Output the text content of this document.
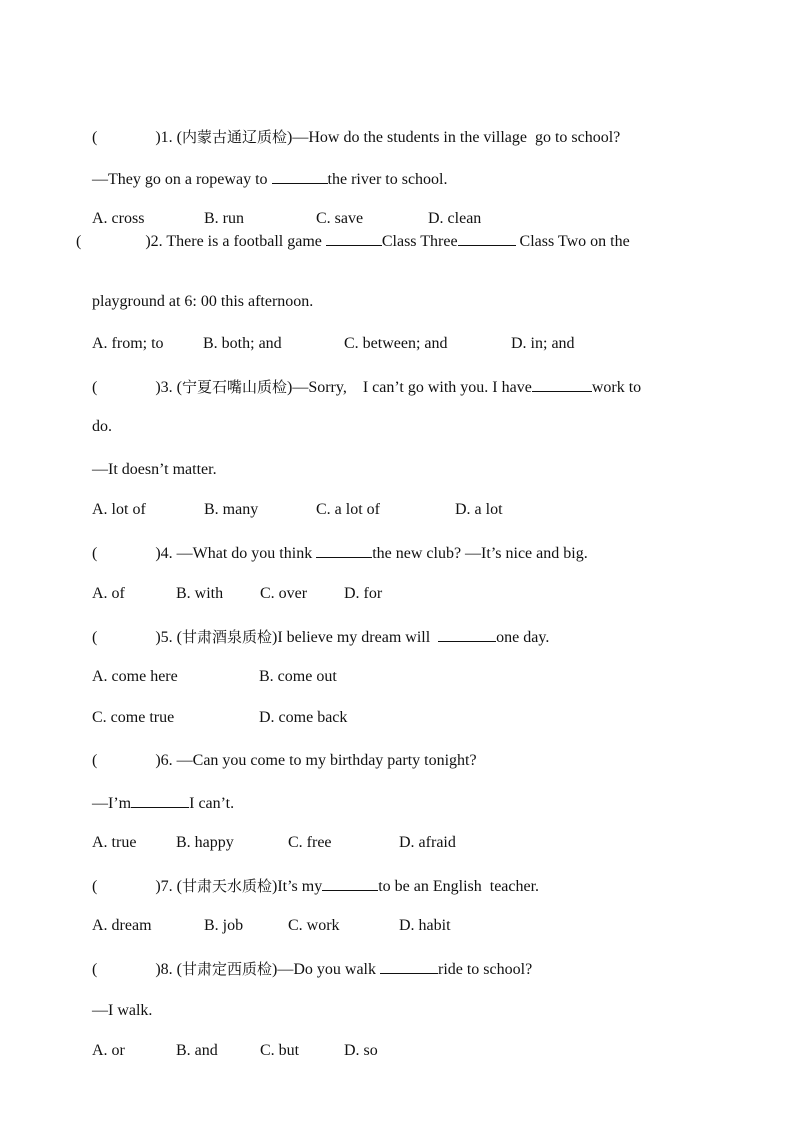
(	)1. (内蒙古通辽质检)—How do the students in the village  go to school?

—They go on a ropeway to	the river to school.

A. cross	B. run	C. save	D. clean

(	)2. There is a football game	Class Three	Class Two on the

playground at 6: 00 this afternoon.

A. from; to B. both; and	C. between; and	D. in; and

(	)3. (宁夏石嘴山质检)—Sorry,    I can’t go with you. I have	work to

do.

—It doesn’t matter.

A. lot of	B. many	C. a lot of	D. a lot

(	)4. —What do you think	the new club? —It’s nice and big.

A. of	B. with C. over D. for

(	)5. (甘肃酒泉质检)I believe my dream will	one day.

A. come here	B. come out

C. come true	D. come back

(	)6. —Can you come to my birthday party tonight?

—I’m	I can’t.

A. true B. happy	C. free	D. afraid

(	)7. (甘肃天水质检)It’s my	to be an English  teacher.

A. dream	B. job	C. work	D. habit

(	)8. (甘肃定西质检)—Do you walk	ride to school?

—I walk.

A. or	B. and	C. but	D. so
